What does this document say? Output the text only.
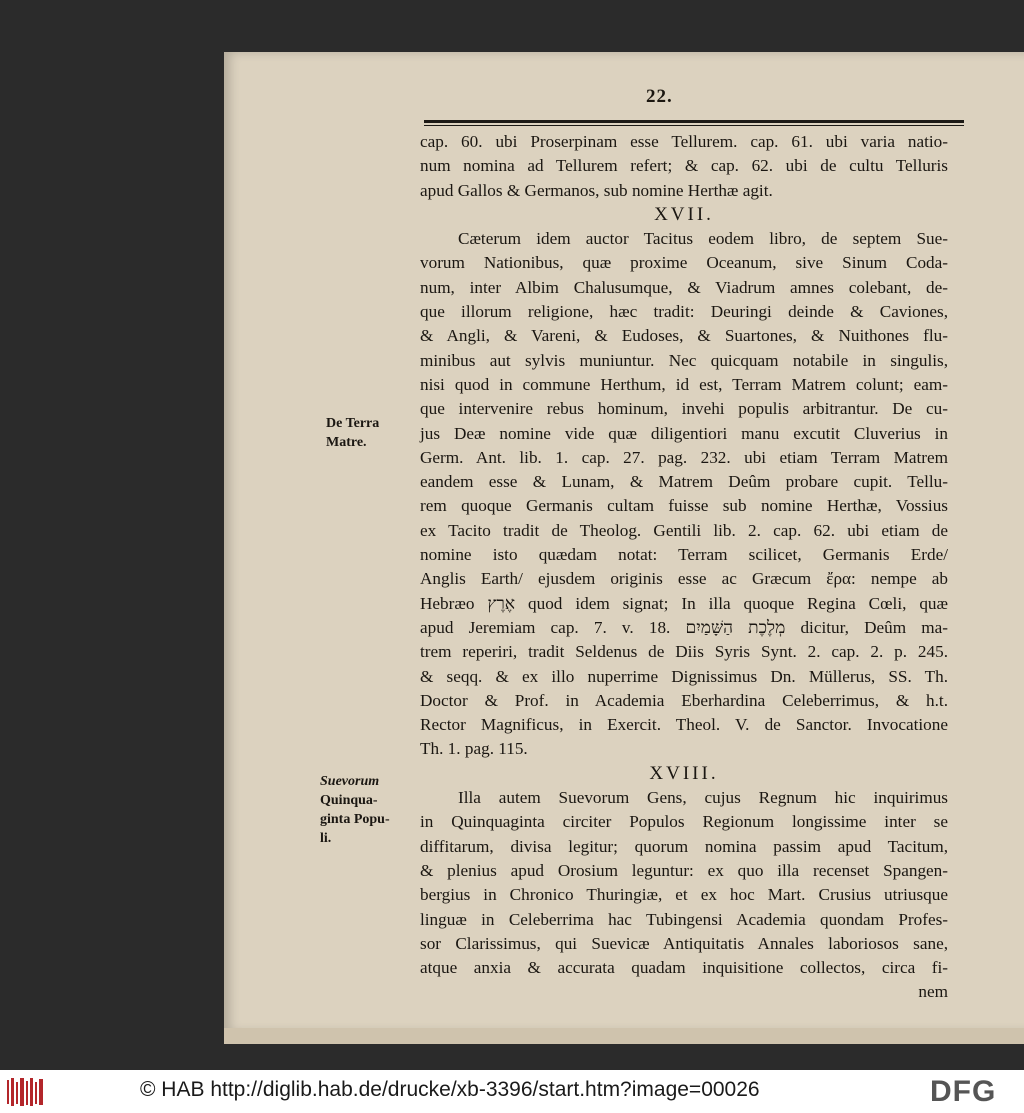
22.
cap. 60. ubi Proserpinam esse Tellurem. cap. 61. ubi varia natio-
num nomina ad Tellurem refert; & cap. 62. ubi de cultu Telluris
apud Gallos & Germanos, sub nomine Herthæ agit.
XVII.
Cæterum idem auctor Tacitus eodem libro, de septem Sue-
vorum Nationibus, quæ proxime Oceanum, sive Sinum Coda-
num, inter Albim Chalusumque, & Viadrum amnes colebant, de-
que illorum religione, hæc tradit: Deuringi deinde & Caviones,
& Angli, & Vareni, & Eudoses, & Suartones, & Nuithones flu-
minibus aut sylvis muniuntur. Nec quicquam notabile in singulis,
nisi quod in commune Herthum, id est, Terram Matrem colunt; eam-
que intervenire rebus hominum, invehi populis arbitrantur. De cu-
jus Deæ nomine vide quæ diligentiori manu excutit Cluverius in
Germ. Ant. lib. 1. cap. 27. pag. 232. ubi etiam Terram Matrem
eandem esse & Lunam, & Matrem Deûm probare cupit. Tellu-
rem quoque Germanis cultam fuisse sub nomine Herthæ, Vossius
ex Tacito tradit de Theolog. Gentili lib. 2. cap. 62. ubi etiam de
nomine isto quædam notat: Terram scilicet, Germanis Erde/
Anglis Earth/ ejusdem originis esse ac Græcum ἔρα: nempe ab
Hebræo אֶרֶץ quod idem signat; In illa quoque Regina Cœli, quæ
apud Jeremiam cap. 7. v. 18. מְלֶכֶת הַשָּׁמַיִם dicitur, Deûm ma-
trem reperiri, tradit Seldenus de Diis Syris Synt. 2. cap. 2. p. 245.
& seqq. & ex illo nuperrime Dignissimus Dn. Müllerus, SS. Th.
Doctor & Prof. in Academia Eberhardina Celeberrimus, & h.t.
Rector Magnificus, in Exercit. Theol. V. de Sanctor. Invocatione
Th. 1. pag. 115.
XVIII.
Illa autem Suevorum Gens, cujus Regnum hic inquirimus
in Quinquaginta circiter Populos Regionum longissime inter se
diffitarum, divisa legitur; quorum nomina passim apud Tacitum,
& plenius apud Orosium leguntur: ex quo illa recenset Spangen-
bergius in Chronico Thuringiæ, et ex hoc Mart. Crusius utriusque
linguæ in Celeberrima hac Tubingensi Academia quondam Profes-
sor Clarissimus, qui Suevicæ Antiquitatis Annales laboriosos sane,
atque anxia & accurata quadam inquisitione collectos, circa fi-
nem
De Terra
Matre.
Suevorum
Quinqua-
ginta Popu-
li.
© HAB http://diglib.hab.de/drucke/xb-3396/start.htm?image=00026	DFG
